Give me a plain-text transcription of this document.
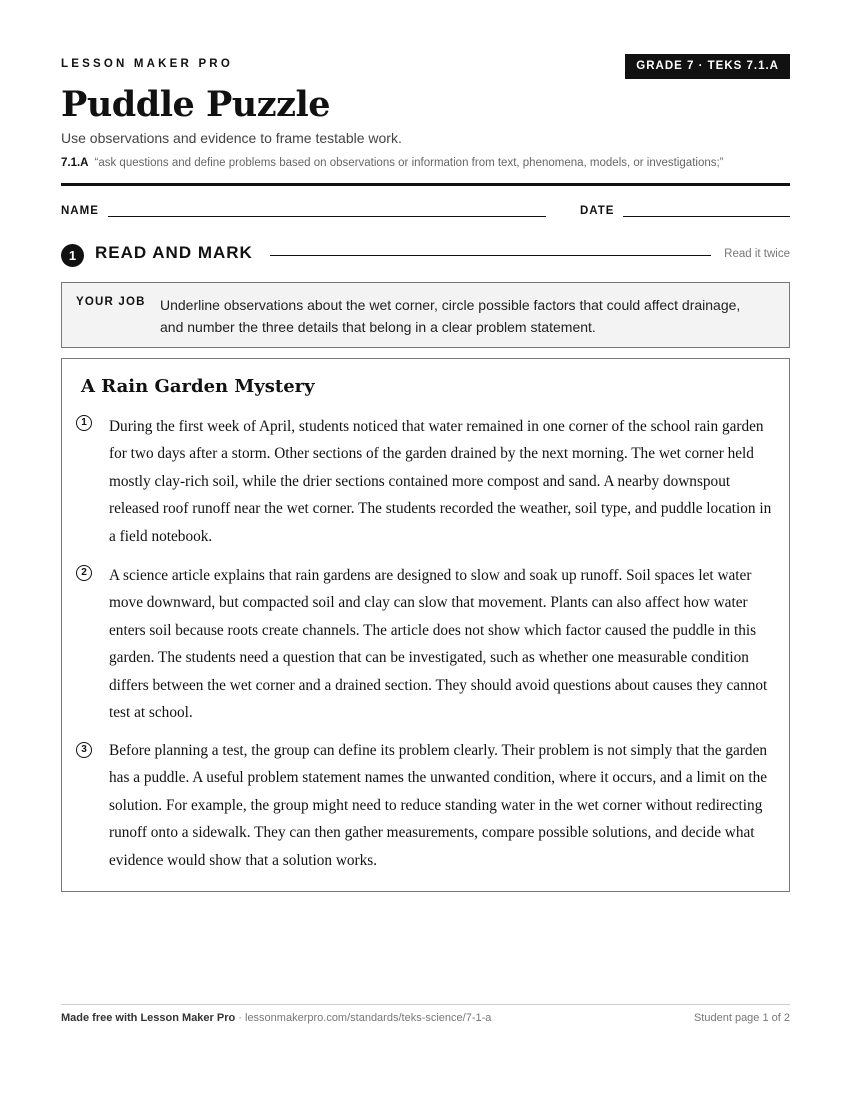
LESSON MAKER PRO	GRADE 7 · TEKS 7.1.A
Puddle Puzzle

Use observations and evidence to frame testable work.

7.1.A “ask questions and define problems based on observations or information from text, phenomena, models, or investigations;”
NAME	DATE
1	READ AND MARK	Read it twice
YOUR JOB Underline observations about the wet corner, circle possible factors that could affect drainage, and number the three details that belong in a clear problem statement.
A Rain Garden Mystery
1	During the first week of April, students noticed that water remained in one corner of the school rain garden for two days after a storm. Other sections of the garden drained by the next morning. The wet corner held mostly clay-rich soil, while the drier sections contained more compost and sand. A nearby downspout released roof runoff near the wet corner. The students recorded the weather, soil type, and puddle location in a field notebook.

2	A science article explains that rain gardens are designed to slow and soak up runoff. Soil spaces let water move downward, but compacted soil and clay can slow that movement. Plants can also affect how water enters soil because roots create channels. The article does not show which factor caused the puddle in this garden. The students need a question that can be investigated, such as whether one measurable condition differs between the wet corner and a drained section. They should avoid questions about causes they cannot test at school.

3	Before planning a test, the group can define its problem clearly. Their problem is not simply that the garden has a puddle. A useful problem statement names the unwanted condition, where it occurs, and a limit on the solution. For example, the group might need to reduce standing water in the wet corner without redirecting runoff onto a sidewalk. They can then gather measurements, compare possible solutions, and decide what evidence would show that a solution works.

Made free with Lesson Maker Pro · lessonmakerpro.com/standards/teks-science/7-1-a	Student page 1 of 2
